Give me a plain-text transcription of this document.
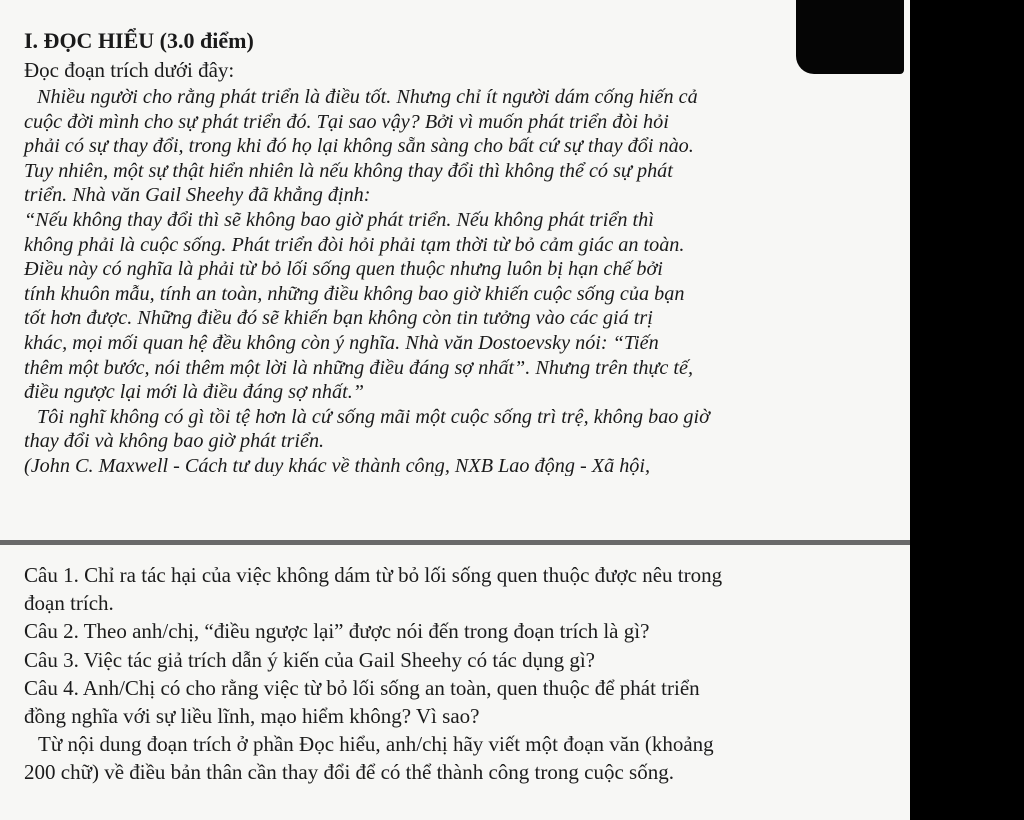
I. ĐỌC HIỂU (3.0 điểm)
Đọc đoạn trích dưới đây:
Nhiều người cho rằng phát triển là điều tốt. Nhưng chỉ ít người dám cống hiến cả
cuộc đời mình cho sự phát triển đó. Tại sao vậy? Bởi vì muốn phát triển đòi hỏi
phải có sự thay đổi, trong khi đó họ lại không sẵn sàng cho bất cứ sự thay đổi nào.
Tuy nhiên, một sự thật hiển nhiên là nếu không thay đổi thì không thể có sự phát
triển. Nhà văn Gail Sheehy đã khẳng định:
“Nếu không thay đổi thì sẽ không bao giờ phát triển. Nếu không phát triển thì
không phải là cuộc sống. Phát triển đòi hỏi phải tạm thời từ bỏ cảm giác an toàn.
Điều này có nghĩa là phải từ bỏ lối sống quen thuộc nhưng luôn bị hạn chế bởi
tính khuôn mẫu, tính an toàn, những điều không bao giờ khiến cuộc sống của bạn
tốt hơn được. Những điều đó sẽ khiến bạn không còn tin tưởng vào các giá trị
khác, mọi mối quan hệ đều không còn ý nghĩa. Nhà văn Dostoevsky nói: “Tiến
thêm một bước, nói thêm một lời là những điều đáng sợ nhất”. Nhưng trên thực tế,
điều ngược lại mới là điều đáng sợ nhất.”
Tôi nghĩ không có gì tồi tệ hơn là cứ sống mãi một cuộc sống trì trệ, không bao giờ
thay đổi và không bao giờ phát triển.
(John C. Maxwell - Cách tư duy khác về thành công, NXB Lao động - Xã hội,
Câu 1. Chỉ ra tác hại của việc không dám từ bỏ lối sống quen thuộc được nêu trong
đoạn trích.
Câu 2. Theo anh/chị, “điều ngược lại” được nói đến trong đoạn trích là gì?
Câu 3. Việc tác giả trích dẫn ý kiến của Gail Sheehy có tác dụng gì?
Câu 4. Anh/Chị có cho rằng việc từ bỏ lối sống an toàn, quen thuộc để phát triển
đồng nghĩa với sự liều lĩnh, mạo hiểm không? Vì sao?
Từ nội dung đoạn trích ở phần Đọc hiểu, anh/chị hãy viết một đoạn văn (khoảng
200 chữ) về điều bản thân cần thay đổi để có thể thành công trong cuộc sống.
